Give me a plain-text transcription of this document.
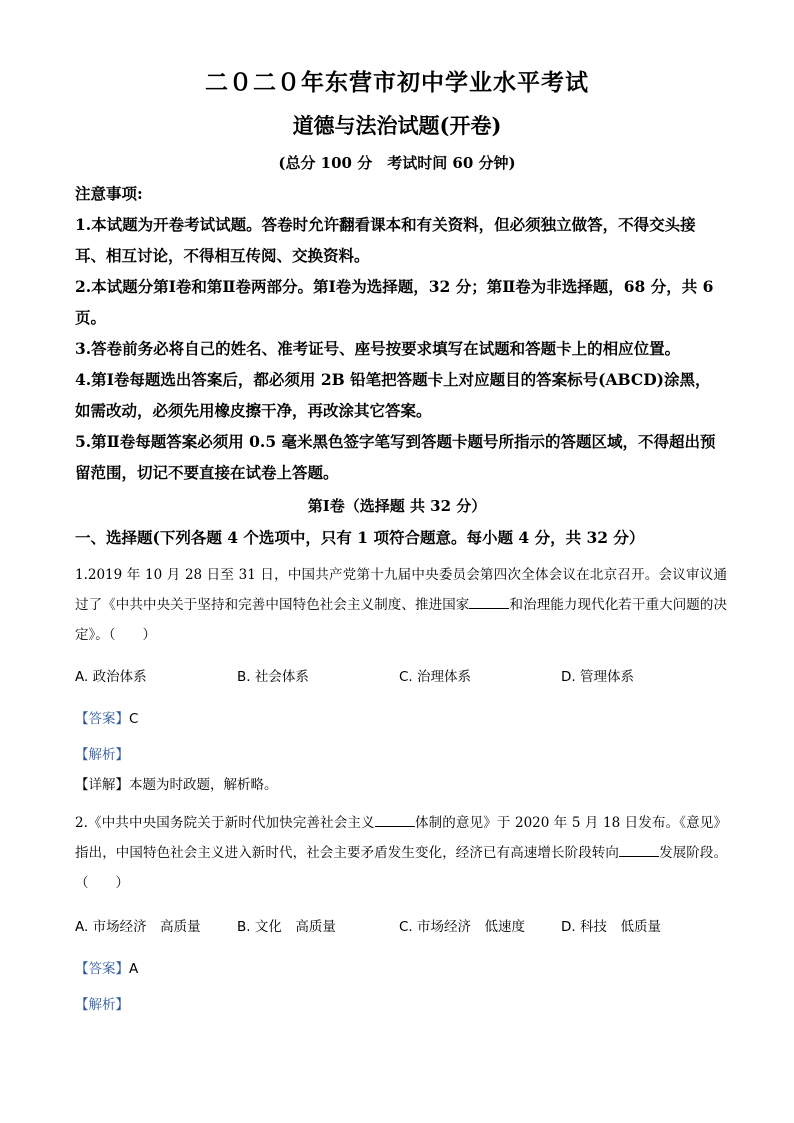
二０二０年东营市初中学业水平考试
道德与法治试题(开卷)
(总分 100 分　考试时间 60 分钟)

注意事项:

1.本试题为开卷考试试题。答卷时允许翻看课本和有关资料，但必须独立做答，不得交头接耳、相互讨论，不得相互传阅、交换资料。

2.本试题分第Ⅰ卷和第Ⅱ卷两部分。第Ⅰ卷为选择题，32 分；第Ⅱ卷为非选择题，68 分，共 6 页。

3.答卷前务必将自己的姓名、准考证号、座号按要求填写在试题和答题卡上的相应位置。

4.第Ⅰ卷每题选出答案后，都必须用 2B 铅笔把答题卡上对应题目的答案标号(ABCD)涂黑，如需改动，必须先用橡皮擦干净，再改涂其它答案。

5.第Ⅱ卷每题答案必须用 0.5 毫米黑色签字笔写到答题卡题号所指示的答题区域，不得超出预留范围，切记不要直接在试卷上答题。

第Ⅰ卷（选择题 共 32 分）
一、选择题(下列各题 4 个选项中，只有 1 项符合题意。每小题 4 分，共 32 分）
1.2019 年 10 月 28 日至 31 日，中国共产党第十九届中央委员会第四次全体会议在北京召开。会议审议通过了《中共中央关于坚持和完善中国特色社会主义制度、推进国家	和治理能力现代化若干重大问题的决定》。（　　）
A. 政治体系	B. 社会体系	C. 治理体系	D. 管理体系
【答案】C
【解析】
【详解】本题为时政题，解析略。
2.《中共中央国务院关于新时代加快完善社会主义	体制的意见》于 2020 年 5 月 18 日发布。《意见》指出，中国特色社会主义进入新时代，社会主要矛盾发生变化，经济已有高速增长阶段转向	发展阶段。（　　）
A. 市场经济　高质量	B. 文化　高质量	C. 市场经济　低速度	D. 科技　低质量
【答案】A
【解析】
